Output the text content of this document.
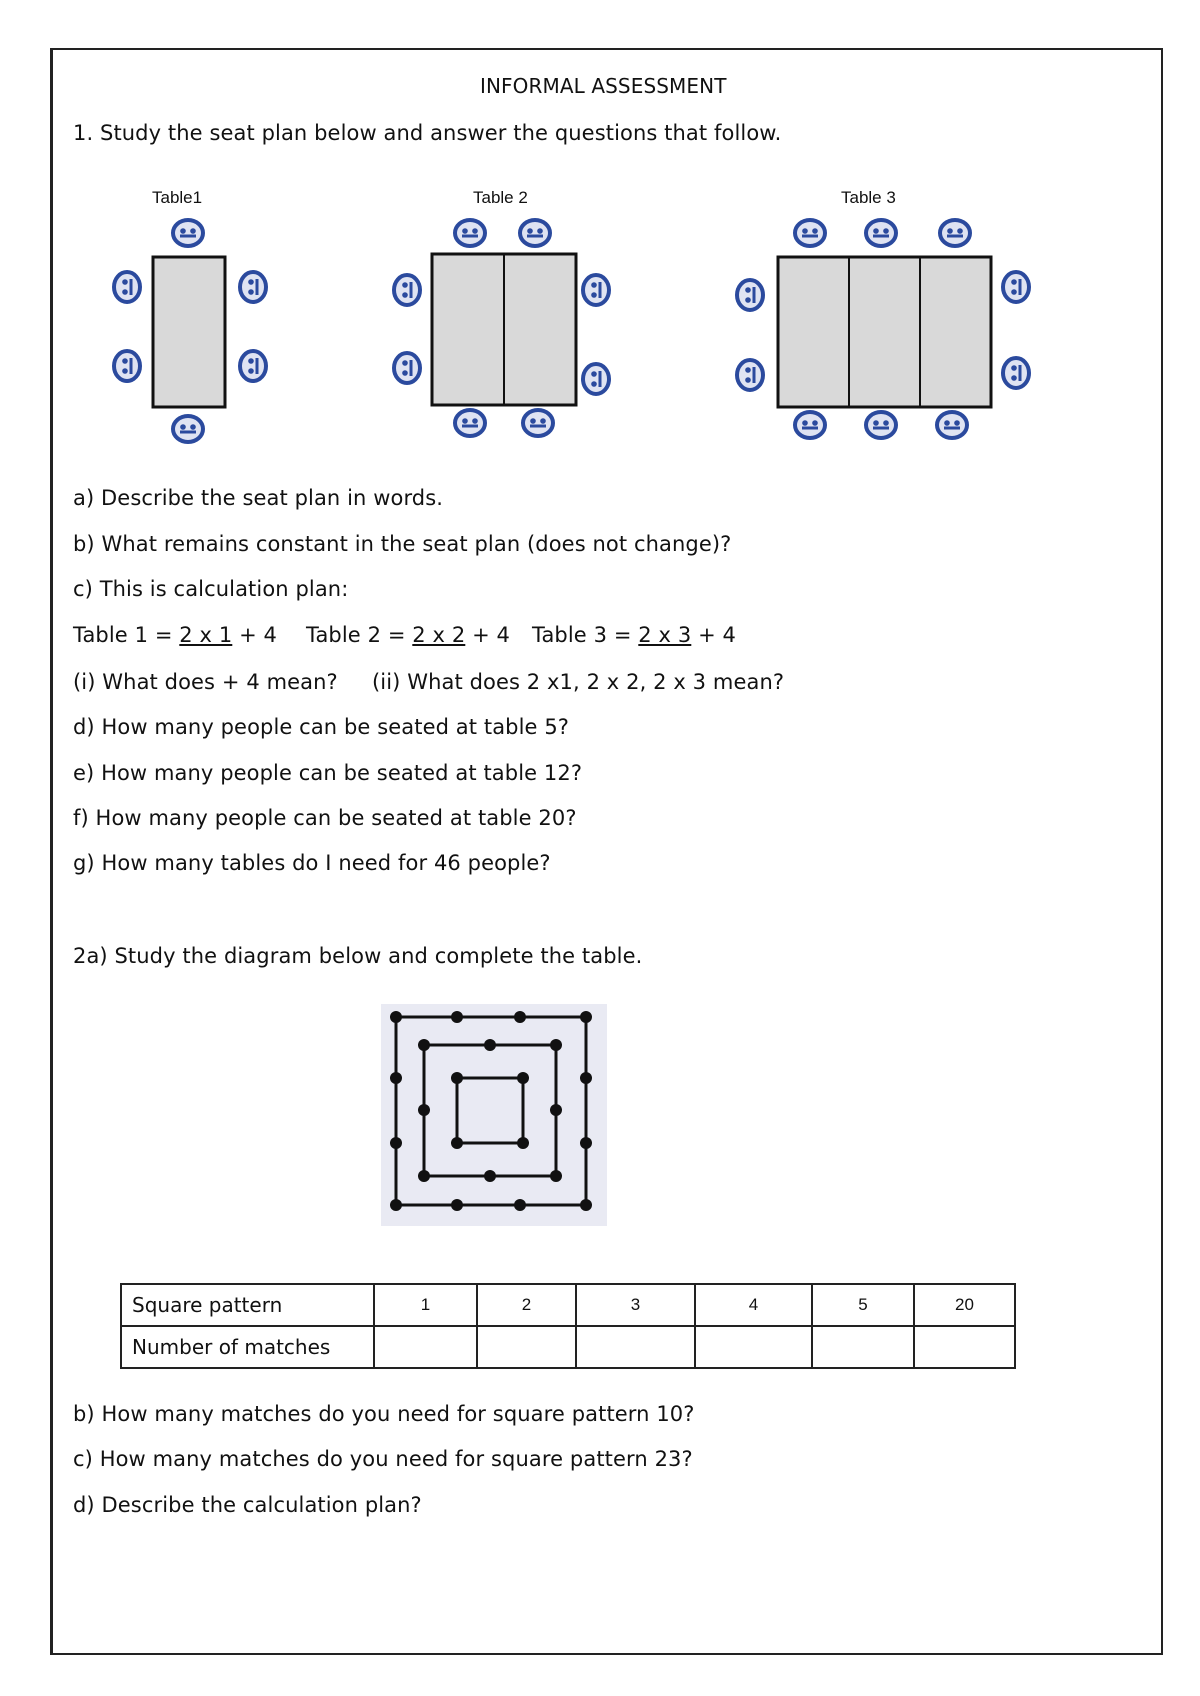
INFORMAL ASSESSMENT
1. Study the seat plan below and answer the questions that follow.
Table1	Table 2	Table 3
a) Describe the seat plan in words.
b) What remains constant in the seat plan (does not change)?
c) This is calculation plan:
Table 1 = 2 x 1 + 4 Table 2 = 2 x 2 + 4 Table 3 = 2 x 3 + 4
(i) What does + 4 mean? (ii) What does 2 x1, 2 x 2, 2 x 3 mean?
d) How many people can be seated at table 5?
e) How many people can be seated at table 12?
f) How many people can be seated at table 20?
g) How many tables do I need for 46 people?
2a) Study the diagram below and complete the table.
Square pattern	1	2	3	4	5	20
Number of matches						
b) How many matches do you need for square pattern 10?
c) How many matches do you need for square pattern 23?
d) Describe the calculation plan?
